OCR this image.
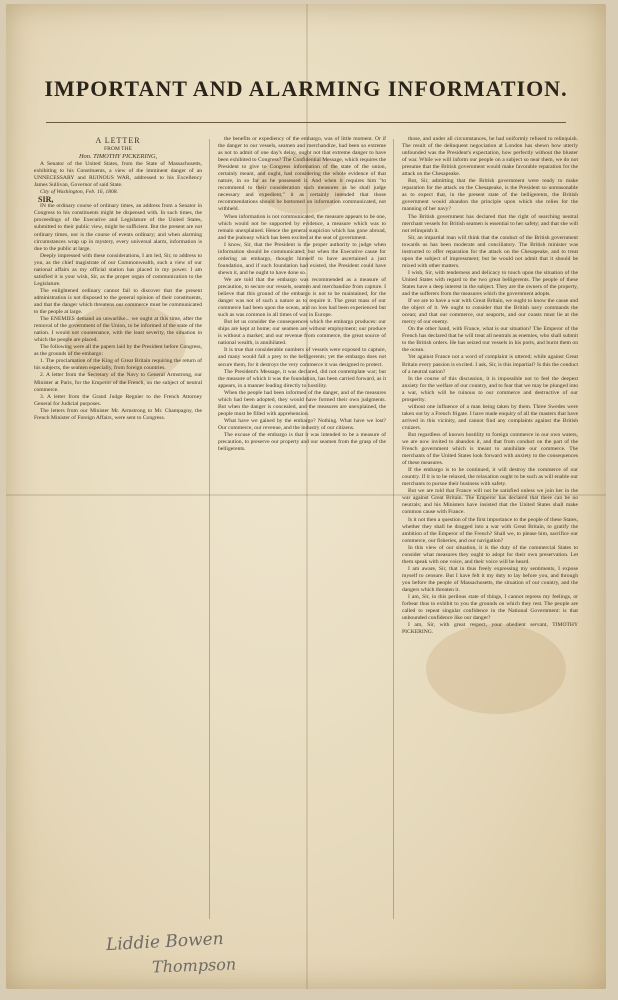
IMPORTANT AND ALARMING INFORMATION.

A LETTER

FROM THE

Hon. TIMOTHY PICKERING,

A Senator of the United States, from the State of Massachusetts, exhibiting to his Constituents, a view of the imminent danger of an UNNECESSARY and RUINOUS WAR, addressed to his Excellency James Sullivan, Governor of said State.

City of Washington, Feb. 16, 1808.

SIR,

IN the ordinary course of ordinary times, an address from a Senator in Congress to his constituents might be dispensed with. In such times, the proceedings of the Executive and Legislature of the United States, submitted to their public view, might be sufficient. But the present are not ordinary times, nor is the course of events ordinary; and when alarming circumstances wrap up in mystery, every universal alarm, information is due to the public at large.

Deeply impressed with these considerations, I am led, Sir, to address to you, as the chief magistrate of our Commonwealth, such a view of our national affairs as my official station has placed in my power. I am satisfied it is your wish, Sir, as the proper organ of communication to the Legislature.

The enlightened ordinary cannot fail to discover that the present administration is not disposed to the general opinion of their constituents, and that the danger which threatens our commerce must be communicated to the people at large.

The ENEMIES demand an unwarlike... we ought at this time, after the removal of the government of the Union, to be informed of the state of the nation. I would not countenance, with the least severity, the situation in which the people are placed.

The following were all the papers laid by the President before Congress, as the grounds of the embargo:

1. The proclamation of the King of Great Britain requiring the return of his subjects, the seamen especially, from foreign countries.

2. A letter from the Secretary of the Navy to General Armstrong, our Minister at Paris, for the Emperor of the French, on the subject of neutral commerce.

3. A letter from the Grand Judge Regnier to the French Attorney General for Judicial purposes.

The letters from our Minister Mr. Armstrong to Mr. Champagny, the French Minister of Foreign Affairs, were sent to Congress.

the benefits or expediency of the embargo, was of little moment. Or if the danger to our vessels, seamen and merchandize, had been so extreme as not to admit of one day's delay, ought not that extreme danger to have been exhibited to Congress? The Confidential Message, which requires the President to give to Congress information of the state of the union, certainly meant, and ought, had considering the whole evidence of that nature, in so far as he possessed it. And when it requires him "to recommend to their consideration such measures as he shall judge necessary and expedient," it as certainly intended that those recommendations should be bottomed on information communicated, not withheld.

When information is not communicated, the measure appears to be one, which would not be supported by evidence, a measure which was to remain unexplained. Hence the general suspicion which has gone abroad, and the jealousy which has been excited at the seat of government.

I know, Sir, that the President is the proper authority to judge when information should be communicated; but when the Executive cause for ordering an embargo, thought himself to have ascertained a just foundation, and if such foundation had existed, the President could have shewn it, and he ought to have done so.

We are told that the embargo was recommended as a measure of precaution, to secure our vessels, seamen and merchandize from capture. I believe that this ground of the embargo is not to be maintained, for the danger was not of such a nature as to require it. The great mass of our commerce had been upon the ocean, and no loss had been experienced but such as was common in all times of war in Europe.

But let us consider the consequences which the embargo produces: our ships are kept at home; our seamen are without employment; our produce is without a market; and our revenue from commerce, the great source of national wealth, is annihilated.

It is true that considerable numbers of vessels were exposed to capture, and many would fall a prey to the belligerents; yet the embargo does not secure them, for it destroys the very commerce it was designed to protect.

The President's Message, it was declared, did not contemplate war; but the measure of which it was the foundation, has been carried forward, as it appears, in a manner leading directly to hostility.

When the people had been informed of the danger, and of the measures which had been adopted, they would have formed their own judgments. But when the danger is concealed, and the measures are unexplained, the people must be filled with apprehension.

What have we gained by the embargo? Nothing. What have we lost? Our commerce, our revenue, and the industry of our citizens.

The excuse of the embargo is that it was intended to be a measure of precaution, to preserve our property and our seamen from the grasp of the belligerents.

those, and under all circumstances, he had uniformly refused to relinquish. The result of the delinquent negociation at London has shewn how utterly unfounded was the President's expectation, how perfectly without the bluster of war. While we will inform our people on a subject so near them, we do not presume that the British government would make favorable reparation for the attack on the Chesapeake.

But, Sir, admitting that the British government were ready to make reparation for the attack on the Chesapeake, is the President so unreasonable as to expect that, in the present state of the belligerents, the British government would abandon the principle upon which she relies for the manning of her navy?

The British government has declared that the right of searching neutral merchant vessels for British seamen is essential to her safety; and that she will not relinquish it.

Sir, an impartial man will think that the conduct of the British government towards us has been moderate and conciliatory. The British minister was instructed to offer reparation for the attack on the Chesapeake, and to treat upon the subject of impressment; but he would not admit that it should be mixed with other matters.

I wish, Sir, with tenderness and delicacy to touch upon the situation of the United States with regard to the two great belligerents. The people of these States have a deep interest in the subject. They are the owners of the property, and the sufferers from the measures which the government adopts.

If we are to have a war with Great Britain, we ought to know the cause and the object of it. We ought to consider that the British navy commands the ocean; and that our commerce, our seaports, and our coasts must lie at the mercy of our enemy.

On the other hand, with France, what is our situation? The Emperor of the French has declared that he will treat all neutrals as enemies, who shall submit to the British orders. He has seized our vessels in his ports, and burnt them on the ocean.

Yet against France not a word of complaint is uttered; while against Great Britain every passion is excited. I ask, Sir, is this impartial? Is this the conduct of a neutral nation?

In the course of this discussion, it is impossible not to feel the deepest anxiety for the welfare of our country, and to fear that we may be plunged into a war, which will be ruinous to our commerce and destructive of our prosperity.

without one influence of a man being taken by them. Three Swedes were taken out by a French frigate. I have made enquiry of all the masters that have arrived in this vicinity, and cannot find any complaints against the British cruizers.

But regardless of known hostility to foreign commerce in our own waters, we are now invited to abandon it, and that from conduct on the part of the French government which is meant to annihilate our commerce. The merchants of the United States look forward with anxiety to the consequences of these measures.

If the embargo is to be continued, it will destroy the commerce of our country. If it is to be relaxed, the relaxation ought to be such as will enable our merchants to pursue their business with safety.

But we are told that France will not be satisfied unless we join her in the war against Great Britain. The Emperor has declared that there can be no neutrals; and his Ministers have insisted that the United States shall make common cause with France.

Is it not then a question of the first importance to the people of these States, whether they shall be dragged into a war with Great Britain, to gratify the ambition of the Emperor of the French? Shall we, to please him, sacrifice our commerce, our fisheries, and our navigation?

In this view of our situation, it is the duty of the commercial States to consider what measures they ought to adopt for their own preservation. Let them speak with one voice, and their voice will be heard.

I am aware, Sir, that in thus freely expressing my sentiments, I expose myself to censure. But I have felt it my duty to lay before you, and through you before the people of Massachusetts, the situation of our country, and the dangers which threaten it.

I am, Sir, in this perilous state of things, I cannot repress my feelings, or forbear thus to exhibit to you the grounds on which they rest. The people are called to repeat singular confidence in the National Government: is that unbounded confidence like our danger?

I am, Sir, with great respect, your obedient servant, TIMOTHY PICKERING.

Liddie Bowen
Thompson
